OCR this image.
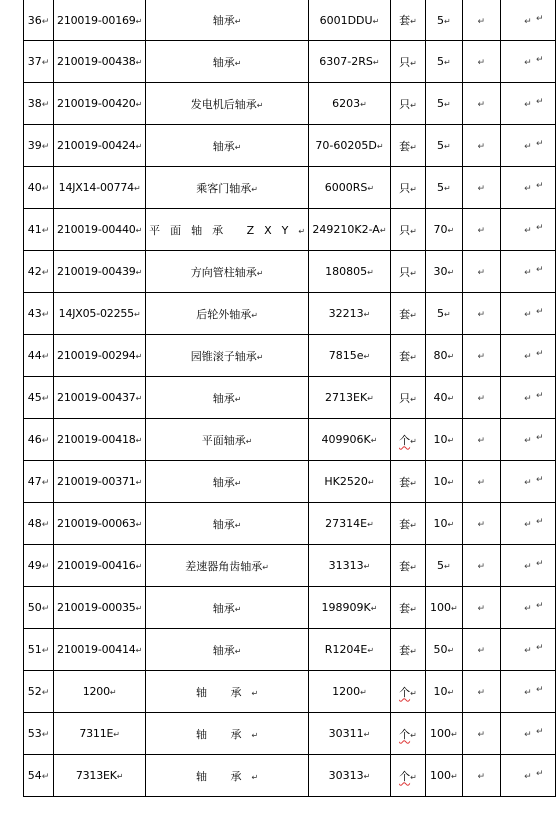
36↵	210019-00169↵	轴承↵	6001DDU↵	套↵	5↵	↵	↵
37↵	210019-00438↵	轴承↵	6307-2RS↵	只↵	5↵	↵	↵
38↵	210019-00420↵	发电机后轴承↵	6203↵	只↵	5↵	↵	↵
39↵	210019-00424↵	轴承↵	70-60205D↵	套↵	5↵	↵	↵
40↵	14JX14-00774↵	乘客门轴承↵	6000RS↵	只↵	5↵	↵	↵
41↵	210019-00440↵	平面轴承 ZXY↵	249210K2-A↵	只↵	70↵	↵	↵
42↵	210019-00439↵	方向管柱轴承↵	180805↵	只↵	30↵	↵	↵
43↵	14JX05-02255↵	后轮外轴承↵	32213↵	套↵	5↵	↵	↵
44↵	210019-00294↵	园锥滚子轴承↵	7815e↵	套↵	80↵	↵	↵
45↵	210019-00437↵	轴承↵	2713EK↵	只↵	40↵	↵	↵
46↵	210019-00418↵	平面轴承↵	409906K↵	个↵	10↵	↵	↵
47↵	210019-00371↵	轴承↵	HK2520↵	套↵	10↵	↵	↵
48↵	210019-00063↵	轴承↵	27314E↵	套↵	10↵	↵	↵
49↵	210019-00416↵	差速器角齿轴承↵	31313↵	套↵	5↵	↵	↵
50↵	210019-00035↵	轴承↵	198909K↵	套↵	100↵	↵	↵
51↵	210019-00414↵	轴承↵	R1204E↵	套↵	50↵	↵	↵
52↵	1200↵	轴 承↵	1200↵	个↵	10↵	↵	↵
53↵	7311E↵	轴 承↵	30311↵	个↵	100↵	↵	↵
54↵	7313EK↵	轴 承↵	30313↵	个↵	100↵	↵	↵
↵
↵
↵
↵
↵
↵
↵
↵
↵
↵
↵
↵
↵
↵
↵
↵
↵
↵
↵
